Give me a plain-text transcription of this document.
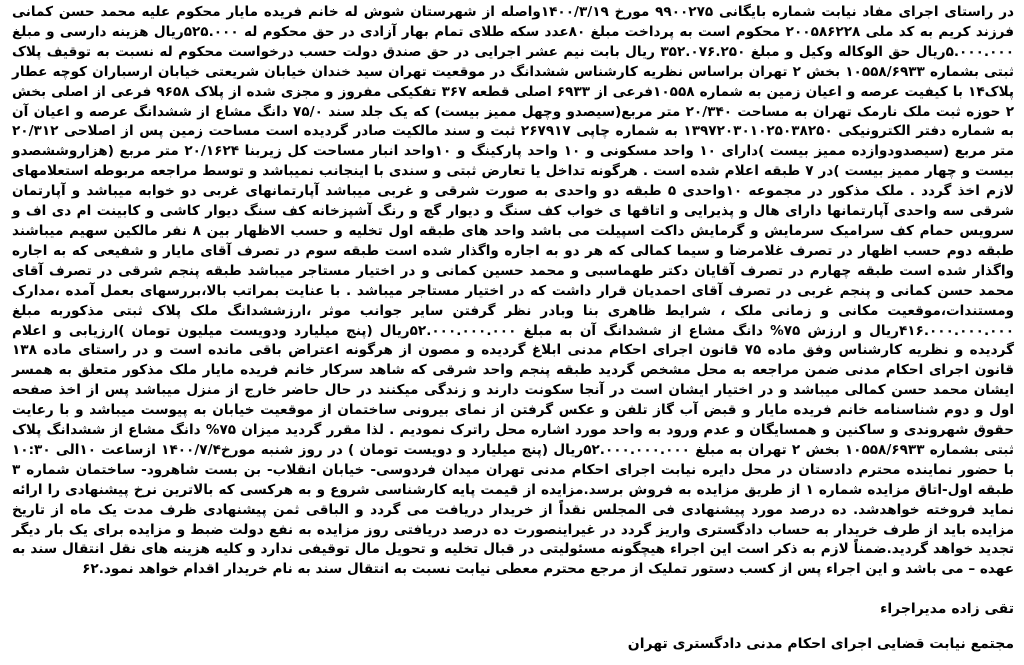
در راستای اجرای مفاد نیابت شماره بایگانی ۹۹۰۰۲۷۵ مورخ ۱۴۰۰/۳/۱۹واصله از شهرستان شوش له خانم فریده مایار محکوم علیه محمد حسن کمانی فرزند کریم به کد ملی ۲۰۰۵۸۶۲۲۸ محکوم است به پرداخت مبلغ ۸۰عدد سکه طلای تمام بهار آزادی در حق محکوم له ۵۲۵.۰۰۰ریال هزینه دارسی و مبلغ ۵.۰۰۰.۰۰۰ریال حق الوکاله وکیل و مبلغ ۳۵۲.۰۷۶.۲۵۰ ریال بابت نیم عشر اجرایی در حق صندق دولت حسب درخواست محکوم له نسبت به توقیف پلاک ثبتی بشماره ۱۰۵۵۸/۶۹۳۳ بخش ۲ تهران براساس نظریه کارشناس ششدانگ در موقعیت تهران سید خندان خیابان شریعتی خیابان ارسباران کوچه عطار پلاک۱۴ با کیفیت عرصه و اعیان زمین به شماره ۱۰۵۵۸فرعی از ۶۹۳۳ اصلی قطعه ۳۶۷ تفکیکی مفروز و مجزی شده از پلاک ۹۶۵۸ فرعی از اصلی بخش ۲ حوزه ثبت ملک نارمک تهران به مساحت ۲۰/۳۴۰ متر مربع(سیصدو وچهل ممیز بیست) که یک جلد سند ۷۵/۰ دانگ مشاع از ششدانگ عرصه و اعیان آن به شماره دفتر الکترونیکی ۱۳۹۷۲۰۳۰۱۰۲۵۰۳۸۲۵۰ به شماره چاپی ۲۶۷۹۱۷ ثبت و سند مالکیت صادر گردیده است مساحت زمین پس از اصلاحی ۲۰/۳۱۲ متر مربع (سیصدودوازده ممیز بیست )دارای ۱۰ واحد مسکونی و ۱۰ واحد پارکینگ و ۱۰واحد انبار مساحت کل زیربنا ۲۰/۱۶۲۴ متر مربع (هزاروششصدو بیست و چهار ممیز بیست )در ۷ طبقه اعلام شده است . هرگونه تداخل یا تعارض ثبتی و سندی با اینجانب نمیباشد و توسط مراجعه مربوطه استعلامهای لازم اخذ گردد . ملک مذکور در مجموعه ۱۰واحدی ۵ طبقه دو واحدی به صورت شرقی و غربی میباشد آپارتمانهای غربی دو خوابه میباشد و آپارتمان شرقی سه واحدی آپارتمانها دارای هال و پذیرایی و اتاقها ی خواب کف سنگ و دیوار گچ و رنگ آشپزخانه کف سنگ دیوار کاشی و کابینت ام دی اف و سرویس حمام کف سرامیک سرمایش و گرمایش داکت اسپیلت می باشد واحد های طبقه اول تخلیه و حسب الاظهار بین ۸ نفر مالکین سهیم میباشند طبقه دوم حسب اظهار در تصرف غلامرضا و سیما کمالی که هر دو به اجاره واگذار شده است طبقه سوم در تصرف آقای مایار و شفیعی که به اجاره واگذار شده است طبقه چهارم در تصرف آقایان دکتر طهماسبی و محمد حسین کمانی و در اختیار مستاجر میباشد طبقه پنجم شرقی در تصرف آقای محمد حسن کمانی و پنجم غربی در تصرف آقای احمدیان قرار داشت که در اختیار مستاجر میباشد . با عنایت بمراتب بالا،بررسهای بعمل آمده ،مدارک ومستندات،موقعیت مکانی و زمانی ملک ، شرایط ظاهری بنا وبادر نظر گرفتن سایر جوانب موثر ،ارزششدانگ ملک پلاک ثبتی مذکوربه مبلغ ۴۱۶.۰۰۰.۰۰۰.۰۰۰ریال و ارزش ۷۵% دانگ مشاع از ششدانگ آن به مبلغ ۵۲.۰۰۰.۰۰۰.۰۰۰ریال (پنج میلیارد ودویست میلیون تومان )ارزیابی و اعلام گردیده و نظریه کارشناس وفق ماده ۷۵ قانون اجرای احکام مدنی ابلاغ گردیده و مصون از هرگونه اعتراض باقی مانده است و در راستای ماده ۱۳۸ قانون اجرای احکام مدنی ضمن مراجعه به محل مشخص گردید طبقه پنجم واحد شرقی که شاهد سرکار خانم فریده مایار ملک مذکور متعلق به همسر ایشان محمد حسن کمالی میباشد و در اختیار ایشان است در آنجا سکونت دارند و زندگی میکنند در حال حاضر خارج از منزل میباشد پس از اخذ صفحه اول و دوم شناسنامه خانم فریده مایار و قبض آب گاز تلفن و عکس گرفتن از نمای بیرونی ساختمان از موقعیت خیابان به پیوست میباشد و با رعایت حقوق شهروندی و ساکنین و همسایگان و عدم ورود به واحد مورد اشاره محل راترک نمودیم . لذا مقرر گردید میزان ۷۵% دانگ مشاع از ششدانگ پلاک ثبتی بشماره ۱۰۵۵۸/۶۹۳۳ بخش ۲ تهران به مبلغ ۵۲.۰۰۰.۰۰۰.۰۰۰ریال (پنج میلیارد و دویست تومان ) در روز شنبه مورخ۱۴۰۰/۷/۴ ازساعت ۱۰الی ۱۰:۳۰ با حضور نماینده محترم دادستان در محل دایره نیابت اجرای احکام مدنی تهران میدان فردوسی- خیابان انقلاب- بن بست شاهرود- ساختمان شماره ۳ طبقه اول-اتاق مزایده شماره ۱ از طریق مزایده به فروش برسد.مزایده از قیمت پایه کارشناسی شروع و به هرکسی که بالاترین نرخ پیشنهادی را ارائه نماید فروخته خواهدشد. ده درصد مورد پیشنهادی فی المجلس نقداً از خریدار دریافت می گردد و الباقی ثمن پیشنهادی ظرف مدت یک ماه از تاریخ مزایده باید از طرف خریدار به حساب دادگستری واریز گردد در غیراینصورت ده درصد دریافتی روز مزایده به نفع دولت ضبط و مزایده برای یک بار دیگر تجدید خواهد گردید.ضمناً لازم به ذکر است این اجراء هیچگونه مسئولیتی در قبال تخلیه و تحویل مال توقیفی ندارد و کلیه هزینه های نقل انتقال سند به عهده – می باشد و این اجراء پس از کسب دستور تملیک از مرجع محترم معطی نیابت نسبت به انتقال سند به نام خریدار اقدام خواهد نمود.۶۲

تقی زاده مدیراجراء
مجتمع نیابت قضایی اجرای احکام مدنی دادگستری تهران
